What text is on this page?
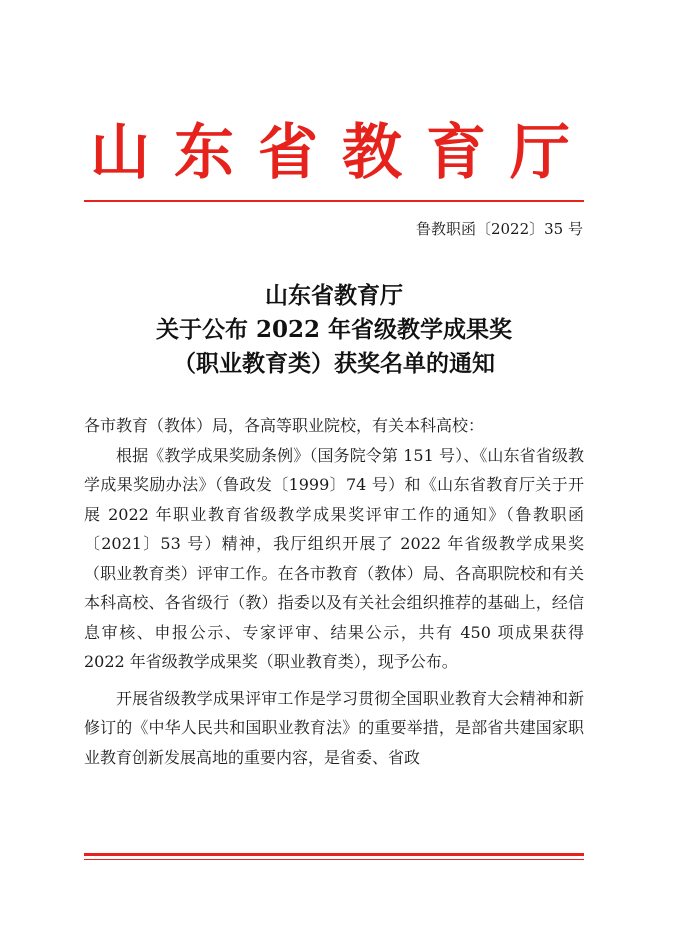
山东省教育厅
鲁教职函〔2022〕35 号
山东省教育厅
关于公布 2022 年省级教学成果奖
（职业教育类）获奖名单的通知

各市教育（教体）局，各高等职业院校，有关本科高校：

根据《教学成果奖励条例》（国务院令第 151 号）、《山东省省级教学成果奖励办法》（鲁政发〔1999〕74 号）和《山东省教育厅关于开展 2022 年职业教育省级教学成果奖评审工作的通知》（鲁教职函〔2021〕53 号）精神，我厅组织开展了 2022 年省级教学成果奖（职业教育类）评审工作。在各市教育（教体）局、各高职院校和有关本科高校、各省级行（教）指委以及有关社会组织推荐的基础上，经信息审核、申报公示、专家评审、结果公示，共有 450 项成果获得 2022 年省级教学成果奖（职业教育类），现予公布。

开展省级教学成果评审工作是学习贯彻全国职业教育大会精神和新修订的《中华人民共和国职业教育法》的重要举措，是部省共建国家职业教育创新发展高地的重要内容，是省委、省政
